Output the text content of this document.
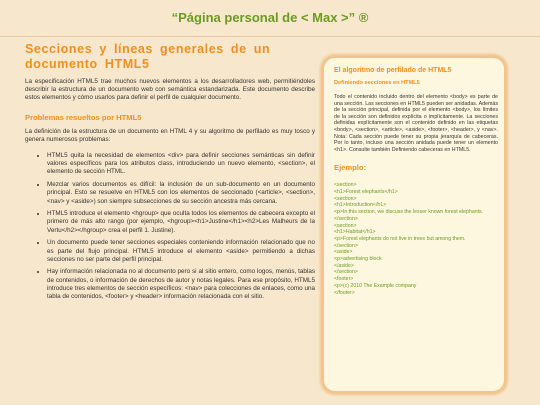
“Página personal de < Max >” ®
Secciones y líneas generales de un documento HTML5

La especificación HTML5 trae muchos nuevos elementos a los desarrolladores web, permitiéndoles describir la estructura de un documento web con semántica estandarizada. Este documento describe estos elementos y cómo usarlos para definir el perfil de cualquier documento.

Problemas resueltos por HTML5

La definición de la estructura de un documento en HTML 4 y su algoritmo de perfilado es muy tosco y genera numerosos problemas:

• HTML5 quita la necesidad de elementos <div> para definir secciones semánticas sin definir valores específicos para los atributos class, introduciendo un nuevo elemento, <section>, el elemento de sección HTML.
• Mezclar varios documentos es difícil: la inclusión de un sub-documento en un documento principal. Esto se resuelve en HTML5 con los elementos de seccionado (<article>, <section>, <nav> y <aside>) son siempre subsecciones de su sección ancestra más cercana.
• HTML5 introduce el elemento <hgroup> que oculta todos los elementos de cabecera excepto el primero de más alto rango (por ejemplo, <hgroup><h1>Justine</h1><h2>Les Malheurs de la Vertu</h2></hgroup> crea el perfil 1. Justine).
• Un documento puede tener secciones especiales conteniendo información relacionado que no es parte del flujo principal. HTML5 introduce el elemento <aside> permitiendo a dichas secciones no ser parte del perfil principal.
• Hay información relacionada no al documento pero si al sitio entero, como logos, menús, tablas de contenidos, o información de derechos de autor y notas legales. Para ese propósito, HTML5 introduce tres elementos de sección específicos: <nav> para colecciones de enlaces, como una tabla de contenidos, <footer> y <header> información relacionada con el sitio.
El algoritmo de perfilado de HTML5
Definiendo secciones en HTML5

Todo el contenido incluido dentro del elemento <body> es parte de una sección. Las secciones en HTML5 pueden ser anidadas. Además de la sección principal, definida por el elemento <body>, los límites de la sección son definidos explícita o implícitamente. La secciones definidas explícitamente son el contenido definido en las etiquetas <body>, <section>, <article>, <aside>, <footer>, <header>, y <nav>. Nota: Cada sección puede tener su propia jerarquía de cabeceras. Por lo tanto, incluso una sección anidada puede tener un elemento <h1>. Consulte también Definiendo cabeceras en HTML5.

Ejemplo:
<section>
<h1>Forest elephants</h1>
<section>
<h1>Introduction</h1>
<p>In this section, we discuss the lesser known forest elephants.
</section>
<section>
<h1>Habitat</h1>
<p>Forest elephants do not live in trees but among them.
</section>
<aside>
<p>advertising block
</aside>
</section>
<footer>
<p>(c) 2010 The Example company
</footer>
